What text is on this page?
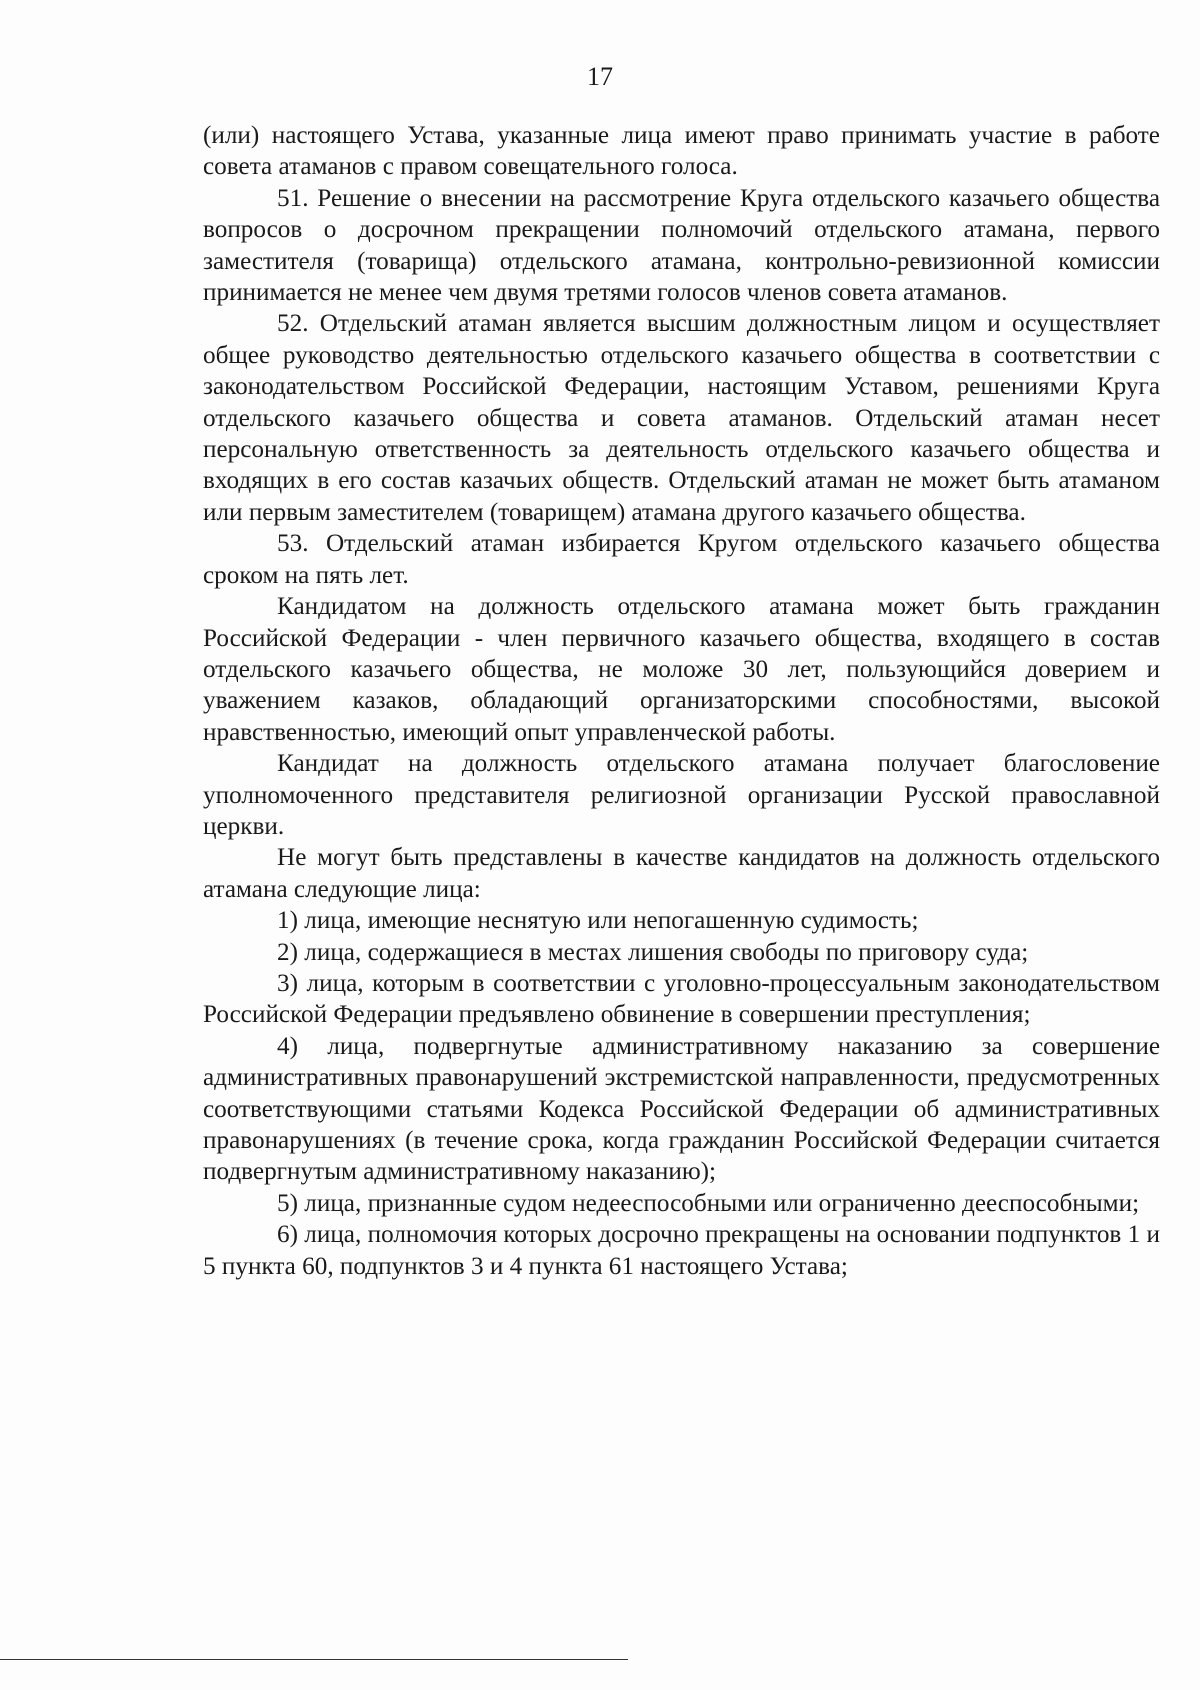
17

(или) настоящего Устава, указанные лица имеют право принимать участие в работе совета атаманов с правом совещательного голоса.

51. Решение о внесении на рассмотрение Круга отдельского казачьего общества вопросов о досрочном прекращении полномочий отдельского атамана, первого заместителя (товарища) отдельского атамана, контрольно-ревизионной комиссии принимается не менее чем двумя третями голосов членов совета атаманов.

52. Отдельский атаман является высшим должностным лицом и осуществляет общее руководство деятельностью отдельского казачьего общества в соответствии с законодательством Российской Федерации, настоящим Уставом, решениями Круга отдельского казачьего общества и совета атаманов. Отдельский атаман несет персональную ответственность за деятельность отдельского казачьего общества и входящих в его состав казачьих обществ. Отдельский атаман не может быть атаманом или первым заместителем (товарищем) атамана другого казачьего общества.

53. Отдельский атаман избирается Кругом отдельского казачьего общества сроком на пять лет.

Кандидатом на должность отдельского атамана может быть гражданин Российской Федерации - член первичного казачьего общества, входящего в состав отдельского казачьего общества, не моложе 30 лет, пользующийся доверием и уважением казаков, обладающий организаторскими способностями, высокой нравственностью, имеющий опыт управленческой работы.

Кандидат на должность отдельского атамана получает благословение уполномоченного представителя религиозной организации Русской православной церкви.

Не могут быть представлены в качестве кандидатов на должность отдельского атамана следующие лица:

1) лица, имеющие неснятую или непогашенную судимость;

2) лица, содержащиеся в местах лишения свободы по приговору суда;

3) лица, которым в соответствии с уголовно-процессуальным законодательством Российской Федерации предъявлено обвинение в совершении преступления;

4) лица, подвергнутые административному наказанию за совершение административных правонарушений экстремистской направленности, предусмотренных соответствующими статьями Кодекса Российской Федерации об административных правонарушениях (в течение срока, когда гражданин Российской Федерации считается подвергнутым административному наказанию);

5) лица, признанные судом недееспособными или ограниченно дееспособными;

6) лица, полномочия которых досрочно прекращены на основании подпунктов 1 и 5 пункта 60, подпунктов 3 и 4 пункта 61 настоящего Устава;
